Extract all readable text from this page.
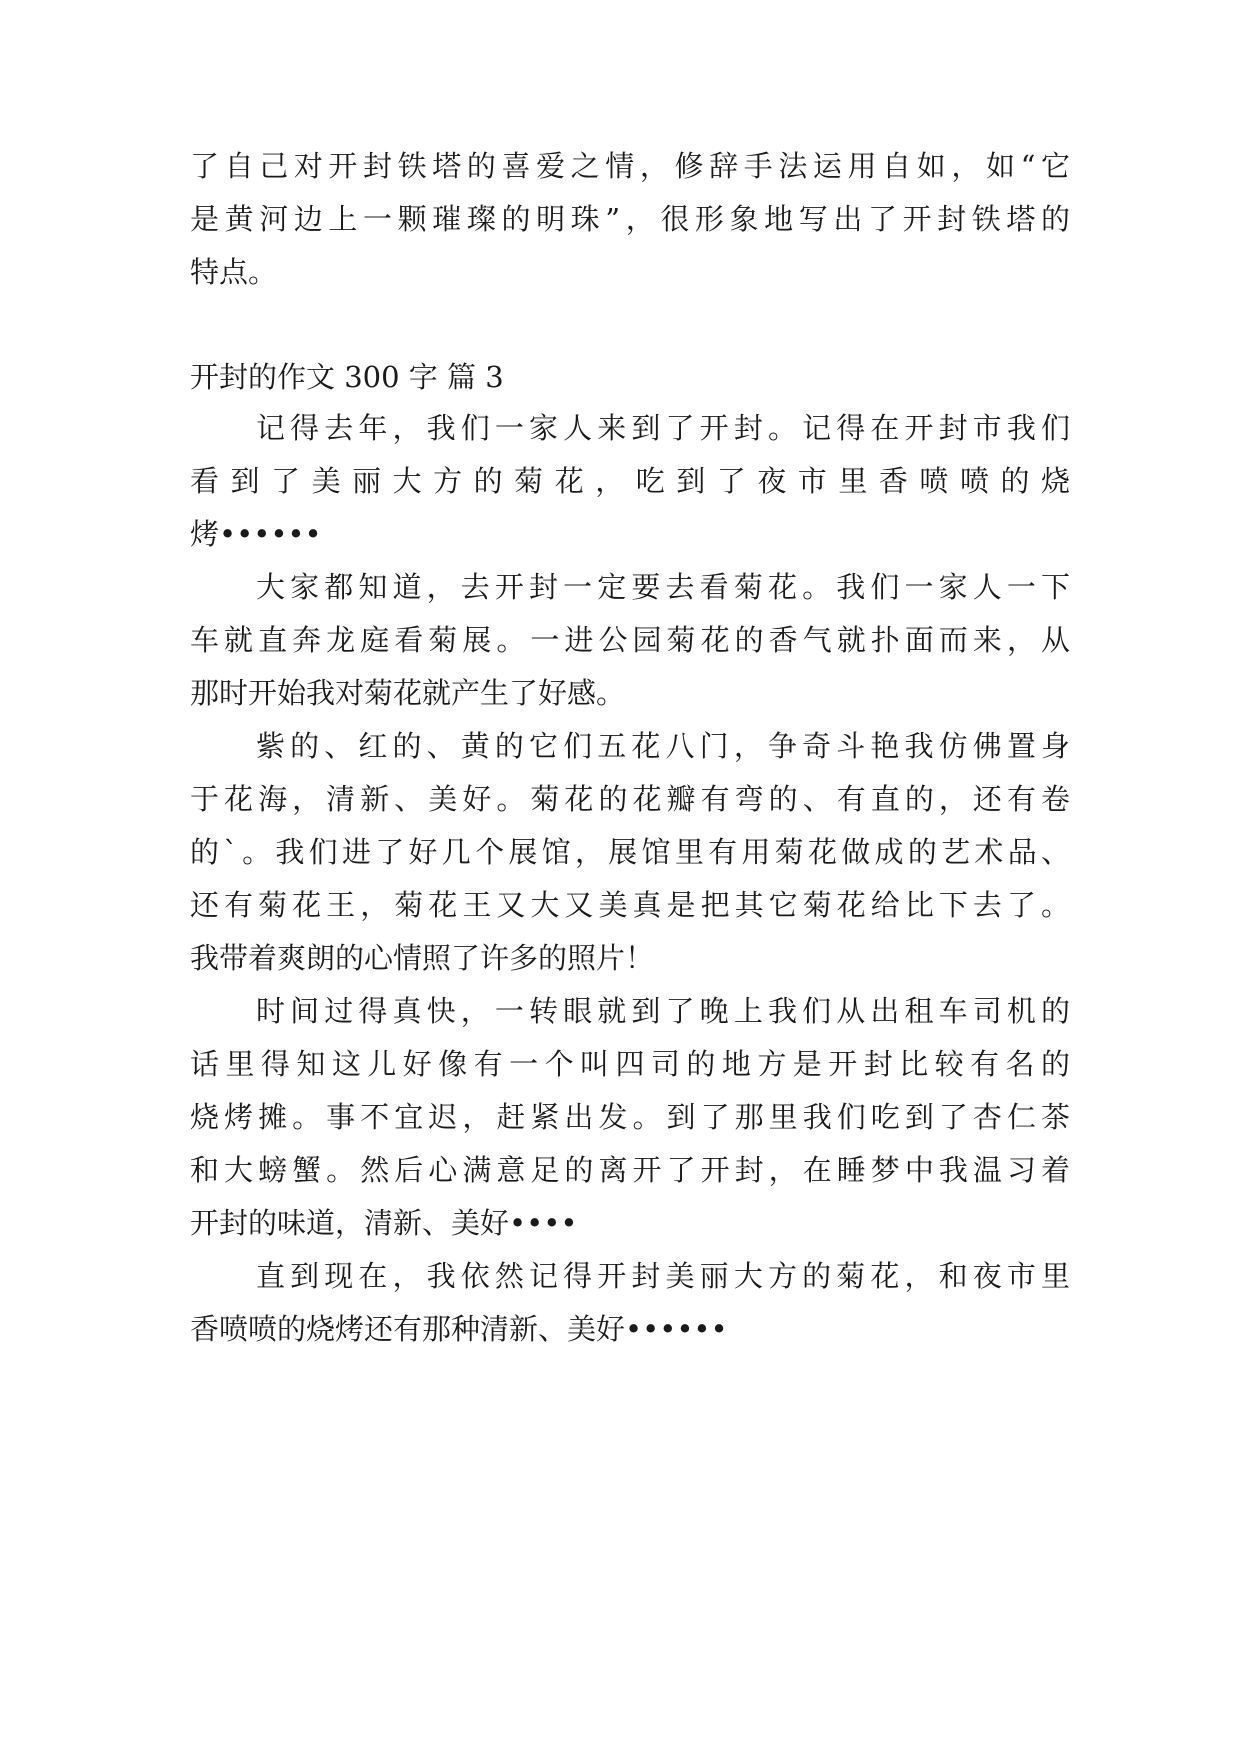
了自己对开封铁塔的喜爱之情，修辞手法运用自如，如“它
是黄河边上一颗璀璨的明珠”，很形象地写出了开封铁塔的
特点。
开封的作文 300 字 篇 3
记得去年，我们一家人来到了开封。记得在开封市我们
看到了美丽大方的菊花，吃到了夜市里香喷喷的烧
烤••••••
大家都知道，去开封一定要去看菊花。我们一家人一下
车就直奔龙庭看菊展。一进公园菊花的香气就扑面而来，从
那时开始我对菊花就产生了好感。
紫的、红的、黄的它们五花八门，争奇斗艳我仿佛置身
于花海，清新、美好。菊花的花瓣有弯的、有直的，还有卷
的`。我们进了好几个展馆，展馆里有用菊花做成的艺术品、
还有菊花王，菊花王又大又美真是把其它菊花给比下去了。
我带着爽朗的心情照了许多的照片！
时间过得真快，一转眼就到了晚上我们从出租车司机的
话里得知这儿好像有一个叫四司的地方是开封比较有名的
烧烤摊。事不宜迟，赶紧出发。到了那里我们吃到了杏仁茶
和大螃蟹。然后心满意足的离开了开封，在睡梦中我温习着
开封的味道，清新、美好••••
直到现在，我依然记得开封美丽大方的菊花，和夜市里
香喷喷的烧烤还有那种清新、美好••••••
